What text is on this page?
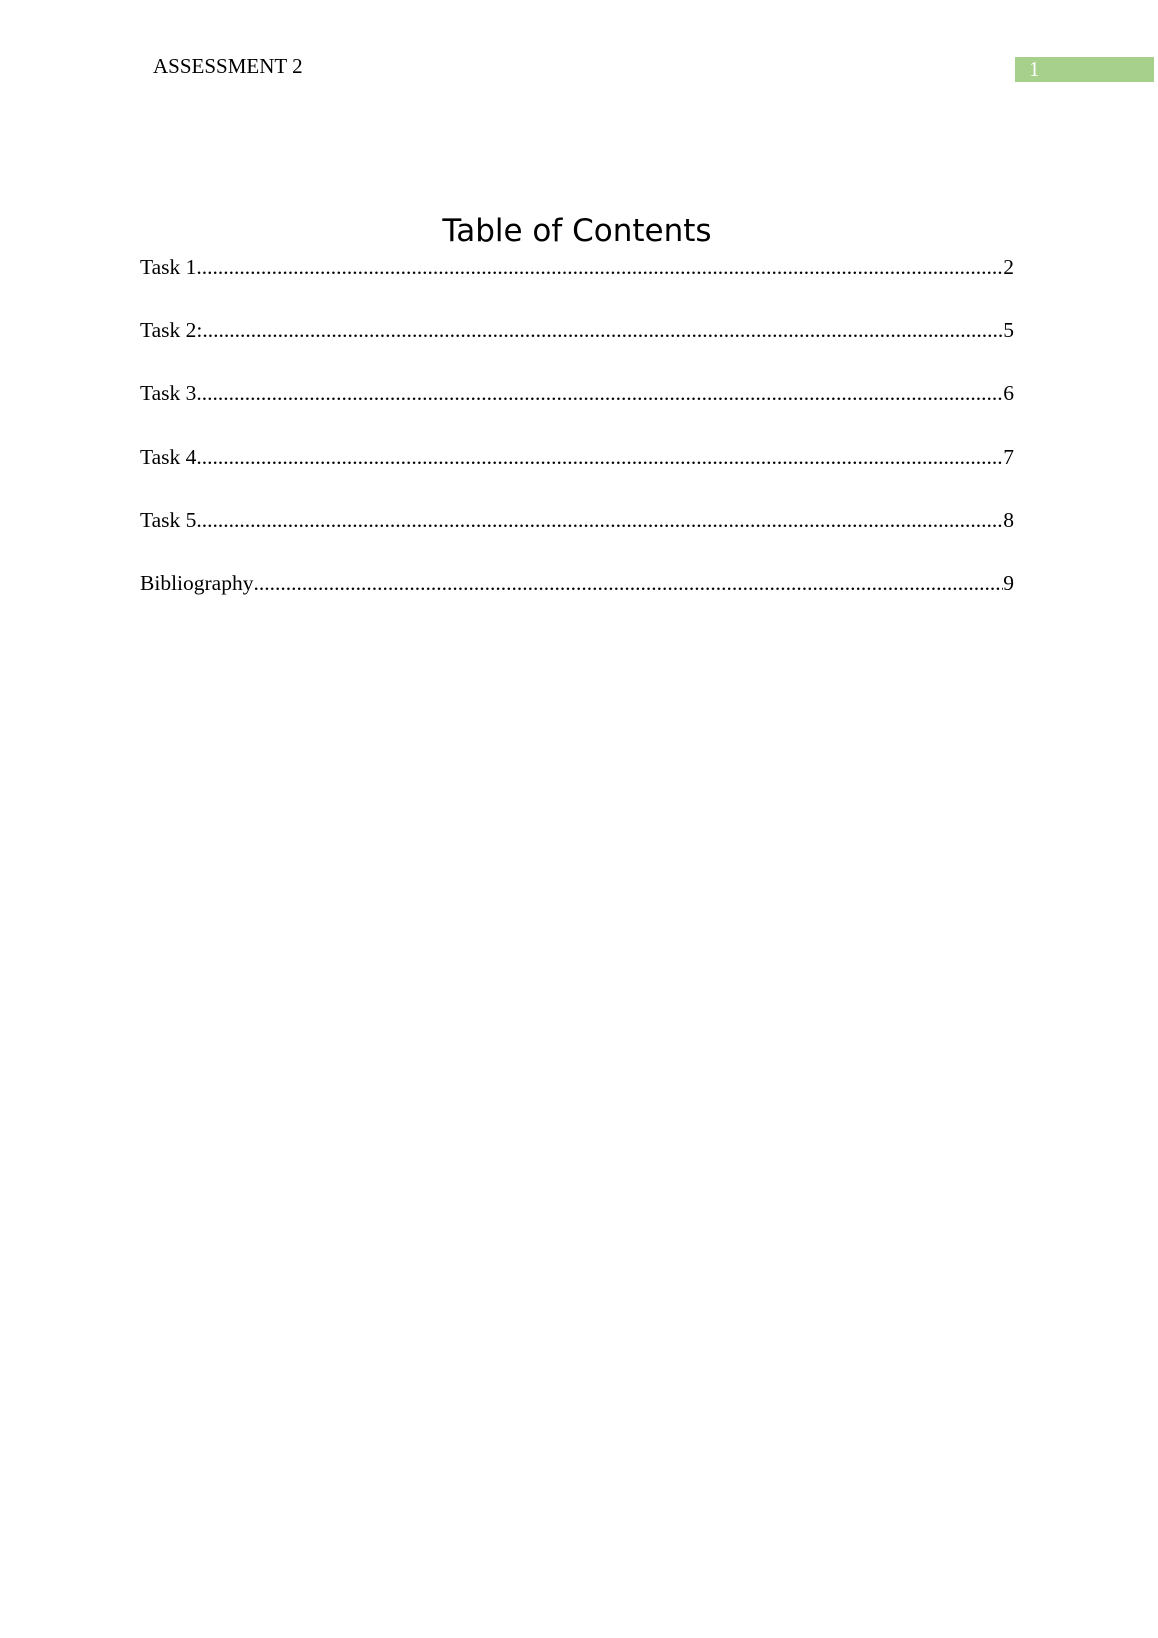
ASSESSMENT 2	1
Table of Contents
Task 1 .....	2
Task 2: .....	5
Task 3 .....	6
Task 4 .....	7
Task 5 .....	8
Bibliography .....	9
